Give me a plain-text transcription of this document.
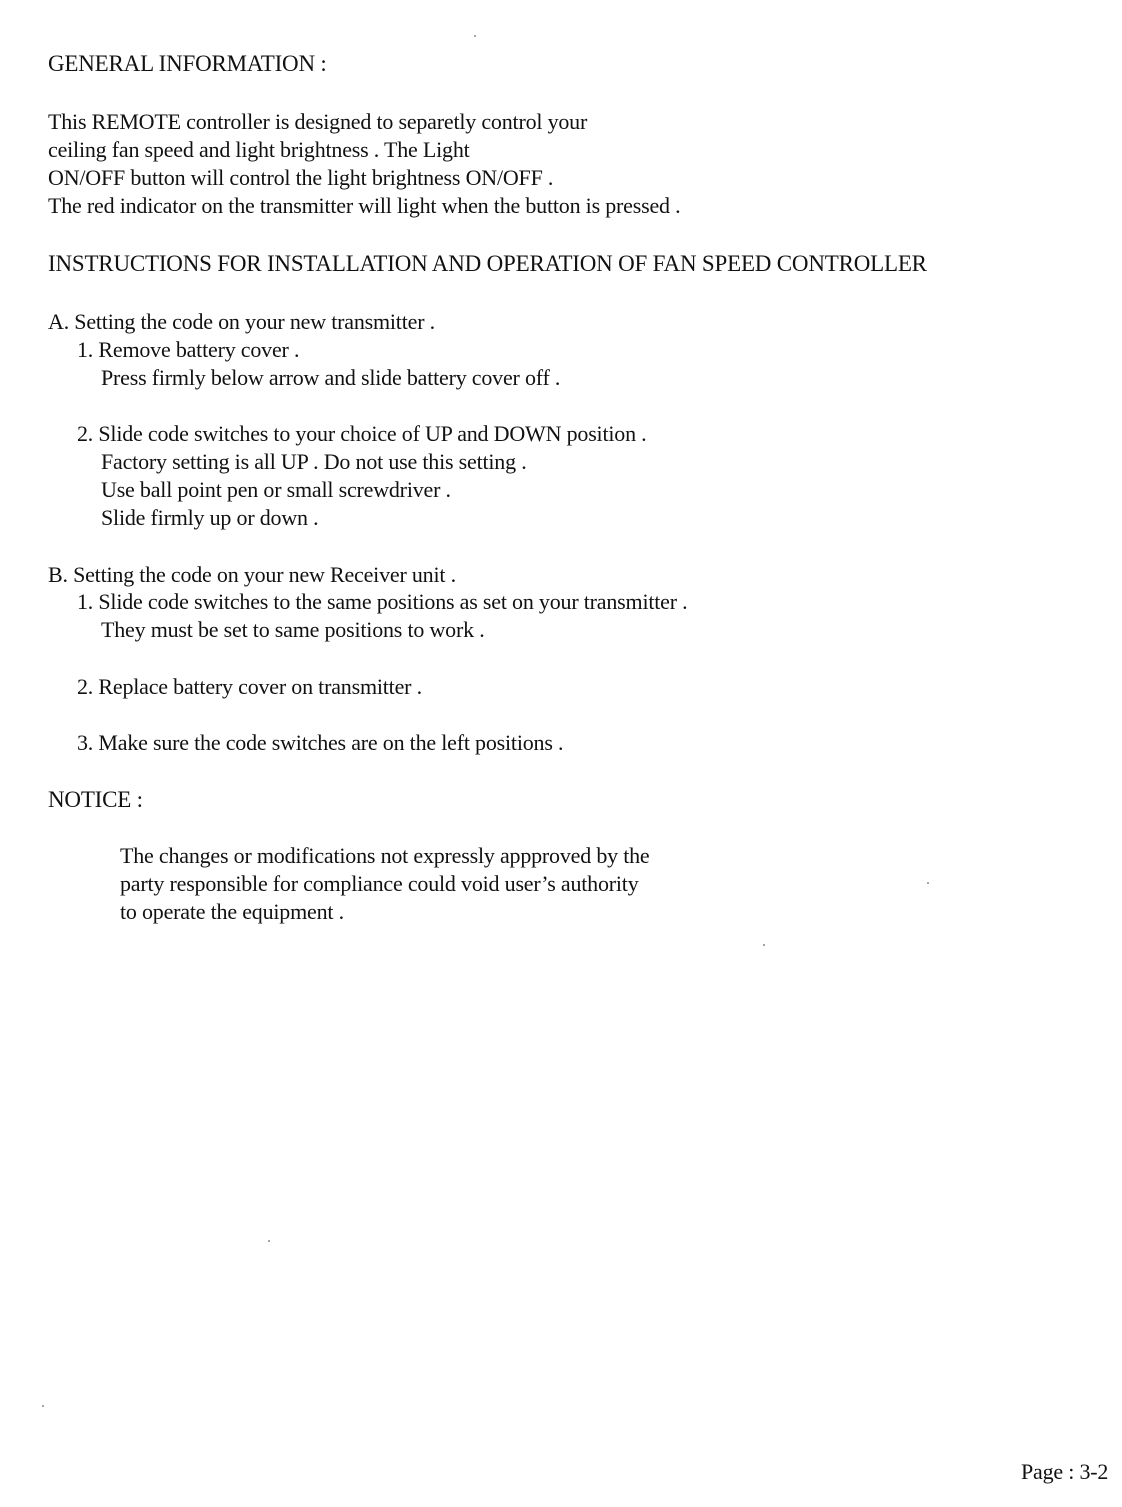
GENERAL INFORMATION :
This REMOTE controller is designed to separetly control your
ceiling fan speed and light brightness . The Light
ON/OFF button will control the light brightness ON/OFF .
The red indicator on the transmitter will light when the button is pressed .
INSTRUCTIONS FOR INSTALLATION AND OPERATION OF FAN SPEED CONTROLLER
A. Setting the code on your new transmitter .
1. Remove battery cover .
Press firmly below arrow and slide battery cover off .
2. Slide code switches to your choice of UP and DOWN position .
Factory setting is all UP . Do not use this setting .
Use ball point pen or small screwdriver .
Slide firmly up or down .
B. Setting the code on your new Receiver unit .
1. Slide code switches to the same positions as set on your transmitter .
They must be set to same positions to work .
2. Replace battery cover on transmitter .
3. Make sure the code switches are on the left positions .
NOTICE :
The changes or modifications not expressly appproved by the
party responsible for compliance could void user’s authority
to operate the equipment .
Page : 3-2
